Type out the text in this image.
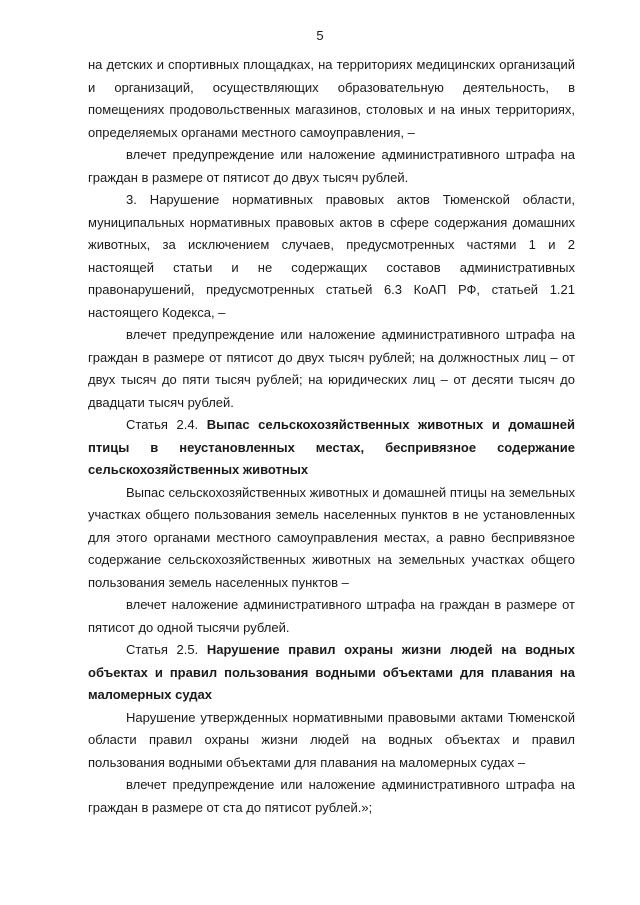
5

на детских и спортивных площадках, на территориях медицинских организаций и организаций, осуществляющих образовательную деятельность, в помещениях продовольственных магазинов, столовых и на иных территориях, определяемых органами местного самоуправления, –

влечет предупреждение или наложение административного штрафа на граждан в размере от пятисот до двух тысяч рублей.

3. Нарушение нормативных правовых актов Тюменской области, муниципальных нормативных правовых актов в сфере содержания домашних животных, за исключением случаев, предусмотренных частями 1 и 2 настоящей статьи и не содержащих составов административных правонарушений, предусмотренных статьей 6.3 КоАП РФ, статьей 1.21 настоящего Кодекса, –

влечет предупреждение или наложение административного штрафа на граждан в размере от пятисот до двух тысяч рублей; на должностных лиц – от двух тысяч до пяти тысяч рублей; на юридических лиц – от десяти тысяч до двадцати тысяч рублей.

Статья 2.4. Выпас сельскохозяйственных животных и домашней птицы в неустановленных местах, беспривязное содержание сельскохозяйственных животных

Выпас сельскохозяйственных животных и домашней птицы на земельных участках общего пользования земель населенных пунктов в не установленных для этого органами местного самоуправления местах, а равно беспривязное содержание сельскохозяйственных животных на земельных участках общего пользования земель населенных пунктов –

влечет наложение административного штрафа на граждан в размере от пятисот до одной тысячи рублей.

Статья 2.5. Нарушение правил охраны жизни людей на водных объектах и правил пользования водными объектами для плавания на маломерных судах

Нарушение утвержденных нормативными правовыми актами Тюменской области правил охраны жизни людей на водных объектах и правил пользования водными объектами для плавания на маломерных судах –

влечет предупреждение или наложение административного штрафа на граждан в размере от ста до пятисот рублей.»;
